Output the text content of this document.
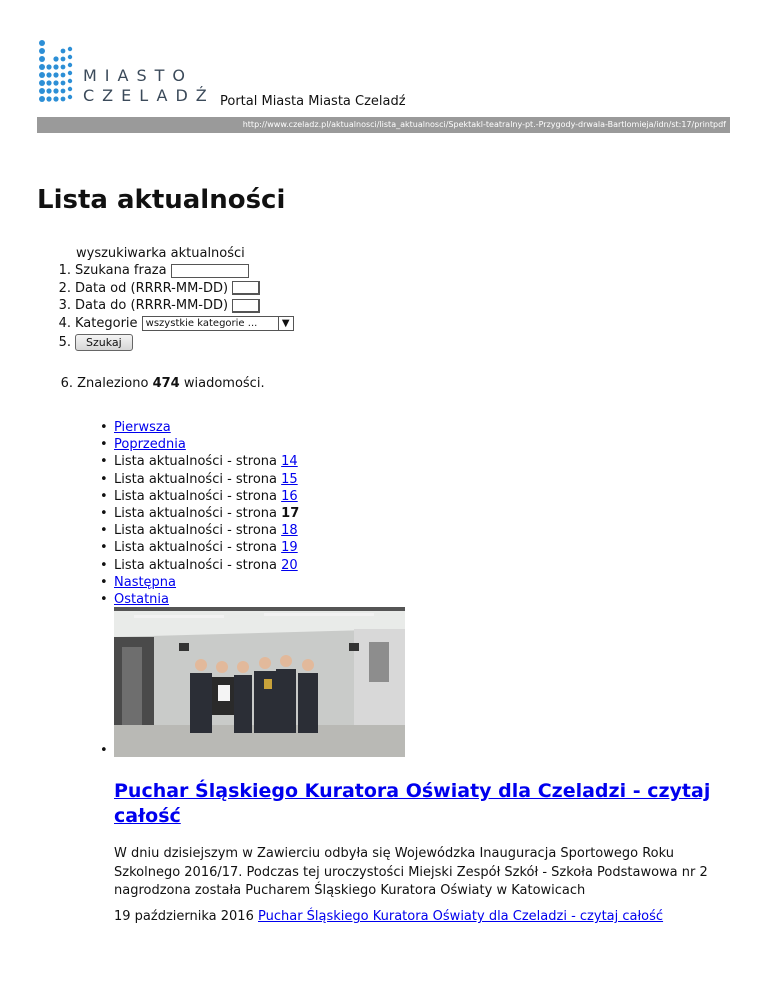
MIASTO
CZELADŹ Portal Miasta Miasta Czeladź
http://www.czeladz.pl/aktualnosci/lista_aktualnosci/Spektakl-teatralny-pt.-Przygody-drwala-Bartlomieja/idn/st:17/printpdf
Lista aktualności
wyszukiwarka aktualności
1. Szukana fraza
2. Data od (RRRR-MM-DD)
3. Data do (RRRR-MM-DD)
4. Kategorie wszystkie kategorie ...	▼
5. Szukaj
6. Znaleziono 474 wiadomości.
• Pierwsza
• Poprzednia
• Lista aktualności - strona 14
• Lista aktualności - strona 15
• Lista aktualności - strona 16
• Lista aktualności - strona 17
• Lista aktualności - strona 18
• Lista aktualności - strona 19
• Lista aktualności - strona 20
• Następna
• Ostatnia
•
Puchar Śląskiego Kuratora Oświaty dla Czeladzi - czytaj całość

W dniu dzisiejszym w Zawierciu odbyła się Wojewódzka Inauguracja Sportowego Roku Szkolnego 2016/17. Podczas tej uroczystości Miejski Zespół Szkół - Szkoła Podstawowa nr 2 nagrodzona została Pucharem Śląskiego Kuratora Oświaty w Katowicach

19 października 2016 Puchar Śląskiego Kuratora Oświaty dla Czeladzi - czytaj całość
